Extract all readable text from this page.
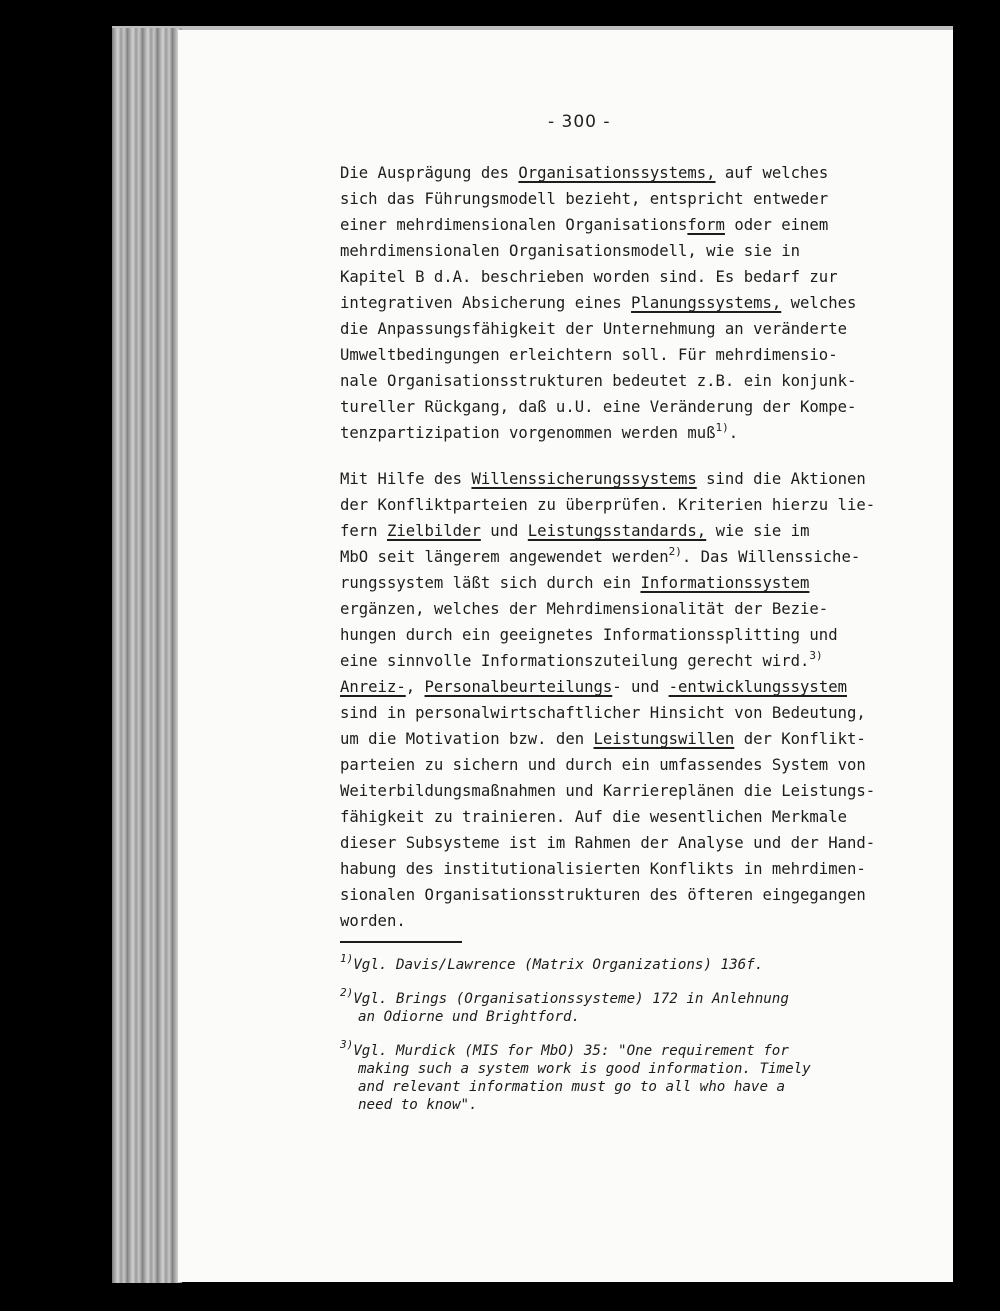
- 300 -
Die Ausprägung des Organisationssystems, auf welches
sich das Führungsmodell bezieht, entspricht entweder
einer mehrdimensionalen Organisationsform oder einem
mehrdimensionalen Organisationsmodell, wie sie in
Kapitel B d.A. beschrieben worden sind. Es bedarf zur
integrativen Absicherung eines Planungssystems, welches
die Anpassungsfähigkeit der Unternehmung an veränderte
Umweltbedingungen erleichtern soll. Für mehrdimensio-
nale Organisationsstrukturen bedeutet z.B. ein konjunk-
tureller Rückgang, daß u.U. eine Veränderung der Kompe-
tenzpartizipation vorgenommen werden muß$^{1)}$.
Mit Hilfe des Willenssicherungssystems sind die Aktionen
der Konfliktparteien zu überprüfen. Kriterien hierzu lie-
fern Zielbilder und Leistungsstandards, wie sie im
MbO seit längerem angewendet werden$^{2)}$. Das Willenssiche-
rungssystem läßt sich durch ein Informationssystem
ergänzen, welches der Mehrdimensionalität der Bezie-
hungen durch ein geeignetes Informationssplitting und
eine sinnvolle Informationszuteilung gerecht wird.$^{3)}$
Anreiz-, Personalbeurteilungs- und -entwicklungssystem
sind in personalwirtschaftlicher Hinsicht von Bedeutung,
um die Motivation bzw. den Leistungswillen der Konflikt-
parteien zu sichern und durch ein umfassendes System von
Weiterbildungsmaßnahmen und Karriereplänen die Leistungs-
fähigkeit zu trainieren. Auf die wesentlichen Merkmale
dieser Subsysteme ist im Rahmen der Analyse und der Hand-
habung des institutionalisierten Konflikts in mehrdimen-
sionalen Organisationsstrukturen des öfteren eingegangen
worden.
$^{1)}$Vgl. Davis/Lawrence (Matrix Organizations) 136f.
$^{2)}$Vgl. Brings (Organisationssysteme) 172 in Anlehnung
an Odiorne und Brightford.
$^{3)}$Vgl. Murdick (MIS for MbO) 35: "One requirement for
making such a system work is good information. Timely
and relevant information must go to all who have a
need to know".
